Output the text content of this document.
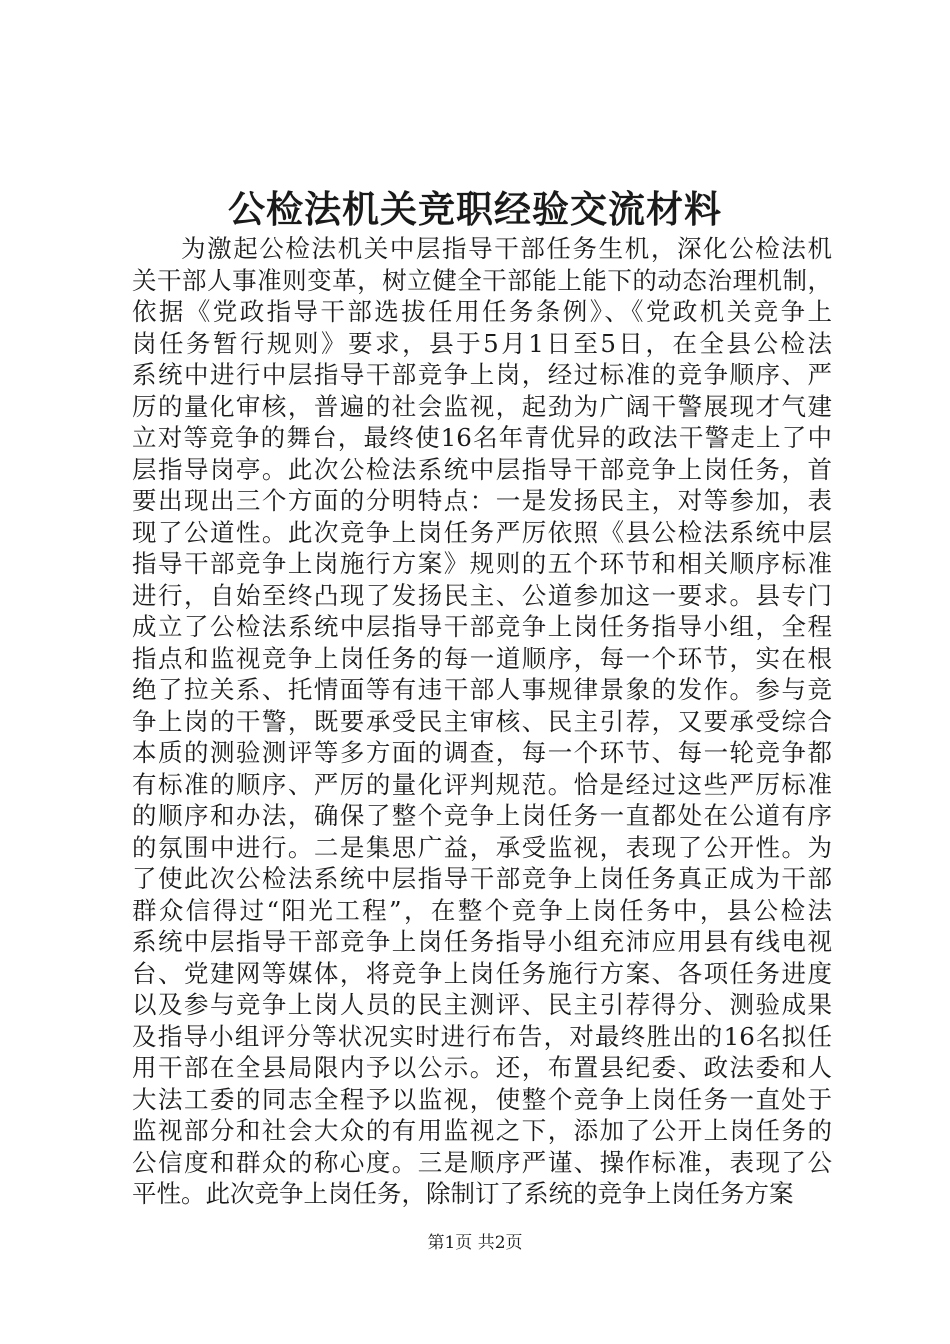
公检法机关竞职经验交流材料
为激起公检法机关中层指导干部任务生机，深化公检法机
关干部人事准则变革，树立健全干部能上能下的动态治理机制，
依据《党政指导干部选拔任用任务条例》、《党政机关竞争上
岗任务暂行规则》要求，县于5月1日至5日，在全县公检法
系统中进行中层指导干部竞争上岗，经过标准的竞争顺序、严
厉的量化审核，普遍的社会监视，起劲为广阔干警展现才气建
立对等竞争的舞台，最终使16名年青优异的政法干警走上了中
层指导岗亭。此次公检法系统中层指导干部竞争上岗任务，首
要出现出三个方面的分明特点：一是发扬民主，对等参加，表
现了公道性。此次竞争上岗任务严厉依照《县公检法系统中层
指导干部竞争上岗施行方案》规则的五个环节和相关顺序标准
进行，自始至终凸现了发扬民主、公道参加这一要求。县专门
成立了公检法系统中层指导干部竞争上岗任务指导小组，全程
指点和监视竞争上岗任务的每一道顺序，每一个环节，实在根
绝了拉关系、托情面等有违干部人事规律景象的发作。参与竞
争上岗的干警，既要承受民主审核、民主引荐，又要承受综合
本质的测验测评等多方面的调查，每一个环节、每一轮竞争都
有标准的顺序、严厉的量化评判规范。恰是经过这些严厉标准
的顺序和办法，确保了整个竞争上岗任务一直都处在公道有序
的氛围中进行。二是集思广益，承受监视，表现了公开性。为
了使此次公检法系统中层指导干部竞争上岗任务真正成为干部
群众信得过“阳光工程”，在整个竞争上岗任务中，县公检法
系统中层指导干部竞争上岗任务指导小组充沛应用县有线电视
台、党建网等媒体，将竞争上岗任务施行方案、各项任务进度
以及参与竞争上岗人员的民主测评、民主引荐得分、测验成果
及指导小组评分等状况实时进行布告，对最终胜出的16名拟任
用干部在全县局限内予以公示。还，布置县纪委、政法委和人
大法工委的同志全程予以监视，使整个竞争上岗任务一直处于
监视部分和社会大众的有用监视之下，添加了公开上岗任务的
公信度和群众的称心度。三是顺序严谨、操作标准，表现了公
平性。此次竞争上岗任务，除制订了系统的竞争上岗任务方案
第1页 共2页
